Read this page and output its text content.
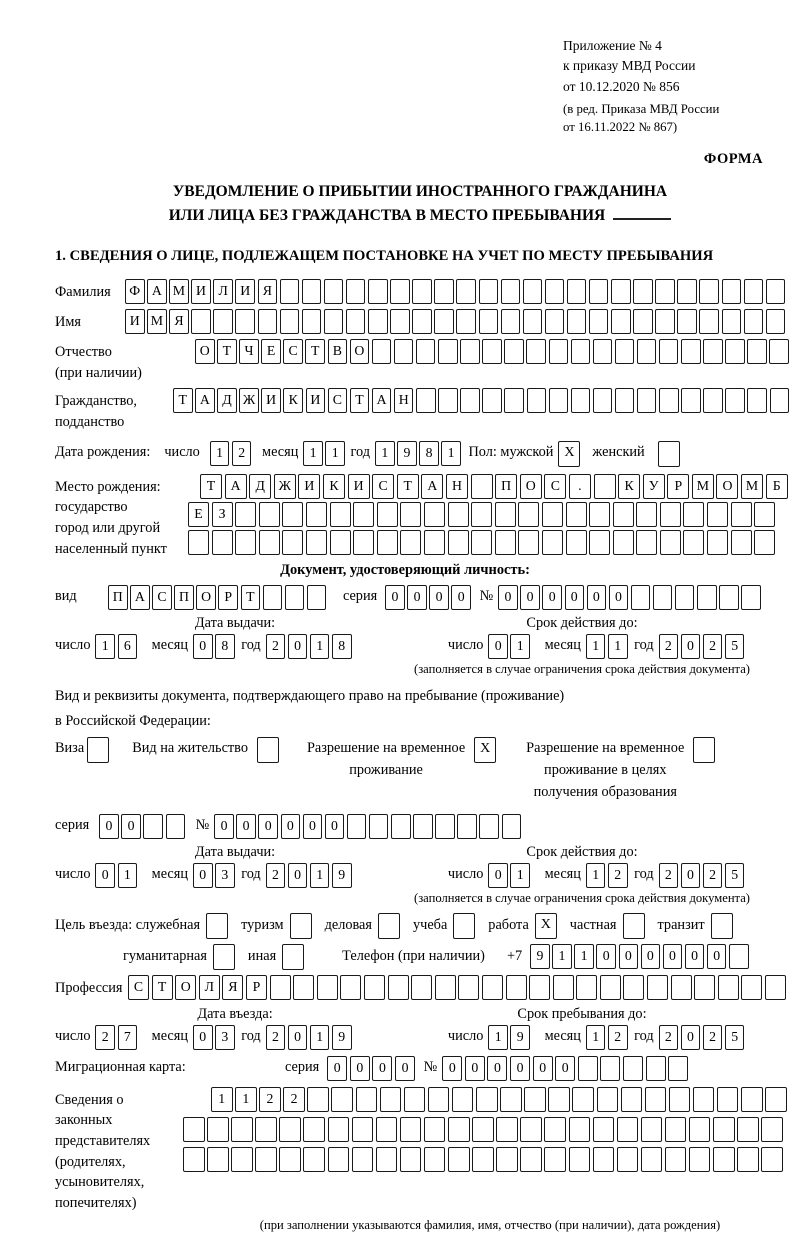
Приложение № 4
к приказу МВД России
от 10.12.2020 № 856
(в ред. Приказа МВД России
от 16.11.2022 № 867)
ФОРМА
УВЕДОМЛЕНИЕ О ПРИБЫТИИ ИНОСТРАННОГО ГРАЖДАНИНА
ИЛИ ЛИЦА БЕЗ ГРАЖДАНСТВА В МЕСТО ПРЕБЫВАНИЯ
1. СВЕДЕНИЯ О ЛИЦЕ, ПОДЛЕЖАЩЕМ ПОСТАНОВКЕ НА УЧЕТ ПО МЕСТУ ПРЕБЫВАНИЯ
Фамилия	Ф А М И Л И Я
Имя	И М Я
Отчество
(при наличии)
О Т Ч Е С Т В О
Гражданство,
подданство
Т А Д Ж И К И С Т А Н
Дата рождения: число	1	2	месяц 1	1 год 1	9	8	1 Пол: мужской X	женский
Место рождения:
государство
город или другой
населенный пункт
Т	А	Д Ж И	К	И	С	Т	А	Н	П	О	С	.	К	У	Р	М О М	Б
Е	З
Документ, удостоверяющий личность:
вид	П А С П О Р	Т	серия	0	0	0	0	№ 0	0	0	0	0	0
Дата выдачи:	Срок действия до:
число 1	6	месяц 0	8 год 2	0	1	8	число 0	1	месяц 1	1 год 2	0	2	5
(заполняется в случае ограничения срока действия документа)
Вид и реквизиты документа, подтверждающего право на пребывание (проживание)
в Российской Федерации:
Виза	Вид на жительство	Разрешение на временное
проживание
X	Разрешение на временное
проживание в целях
получения образования
серия	0	0	№ 0	0	0	0	0	0
Дата выдачи:	Срок действия до:
число 0	1	месяц 0	3 год 2	0	1	9	число 0	1	месяц 1	2 год 2	0	2	5
(заполняется в случае ограничения срока действия документа)
Цель въезда: служебная	туризм	деловая	учеба	работа X	частная	транзит
гуманитарная	иная	Телефон (при наличии) +7	9	1	1	0	0	0	0	0	0
Профессия С	Т	О	Л	Я	Р
Дата въезда:	Срок пребывания до:
число 2	7	месяц 0	3 год 2	0	1	9	число 1	9	месяц 1	2 год 2	0	2	5
Миграционная карта:	серия	0	0	0	0	№ 0	0	0	0	0	0
Сведения о
законных
представителях
(родителях,
усыновителях,
попечителях)
1	1	2	2
(при заполнении указываются фамилия, имя, отчество (при наличии), дата рождения)
